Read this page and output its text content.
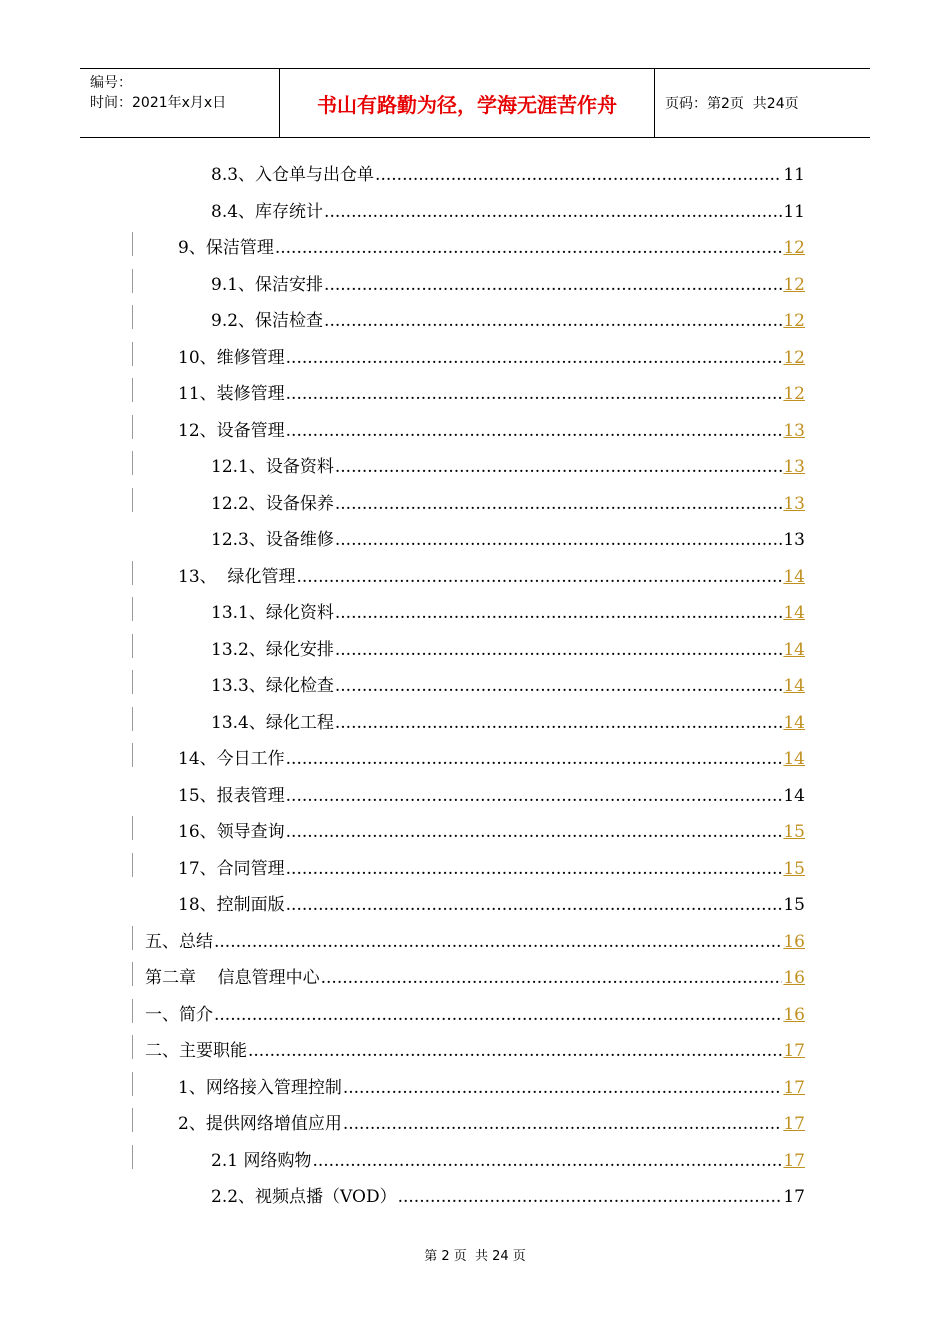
编号：
时间：2021年x月x日	书山有路勤为径，学海无涯苦作舟	页码：第2页  共24页
8.3、入仓单与出仓单 .....	11
8.4、库存统计 .....	11
9、保洁管理 .....	12
9.1、保洁安排 .....	12
9.2、保洁检查 .....	12
10、维修管理 .....	12
11、装修管理 .....	12
12、设备管理 .....	13
12.1、设备资料 .....	13
12.2、设备保养 .....	13
12.3、设备维修 .....	13
13、  绿化管理 .....	14
13.1、绿化资料 .....	14
13.2、绿化安排 .....	14
13.3、绿化检查 .....	14
13.4、绿化工程 .....	14
14、今日工作 .....	14
15、报表管理 .....	14
16、领导查询 .....	15
17、合同管理 .....	15
18、控制面版 .....	15
五、总结 .....	16
第二章    信息管理中心 .....	16
一、简介 .....	16
二、主要职能 .....	17
1、网络接入管理控制 .....	17
2、提供网络增值应用 .....	17
2.1 网络购物 .....	17
2.2、视频点播（VOD） .....	17
第 2 页  共 24 页
